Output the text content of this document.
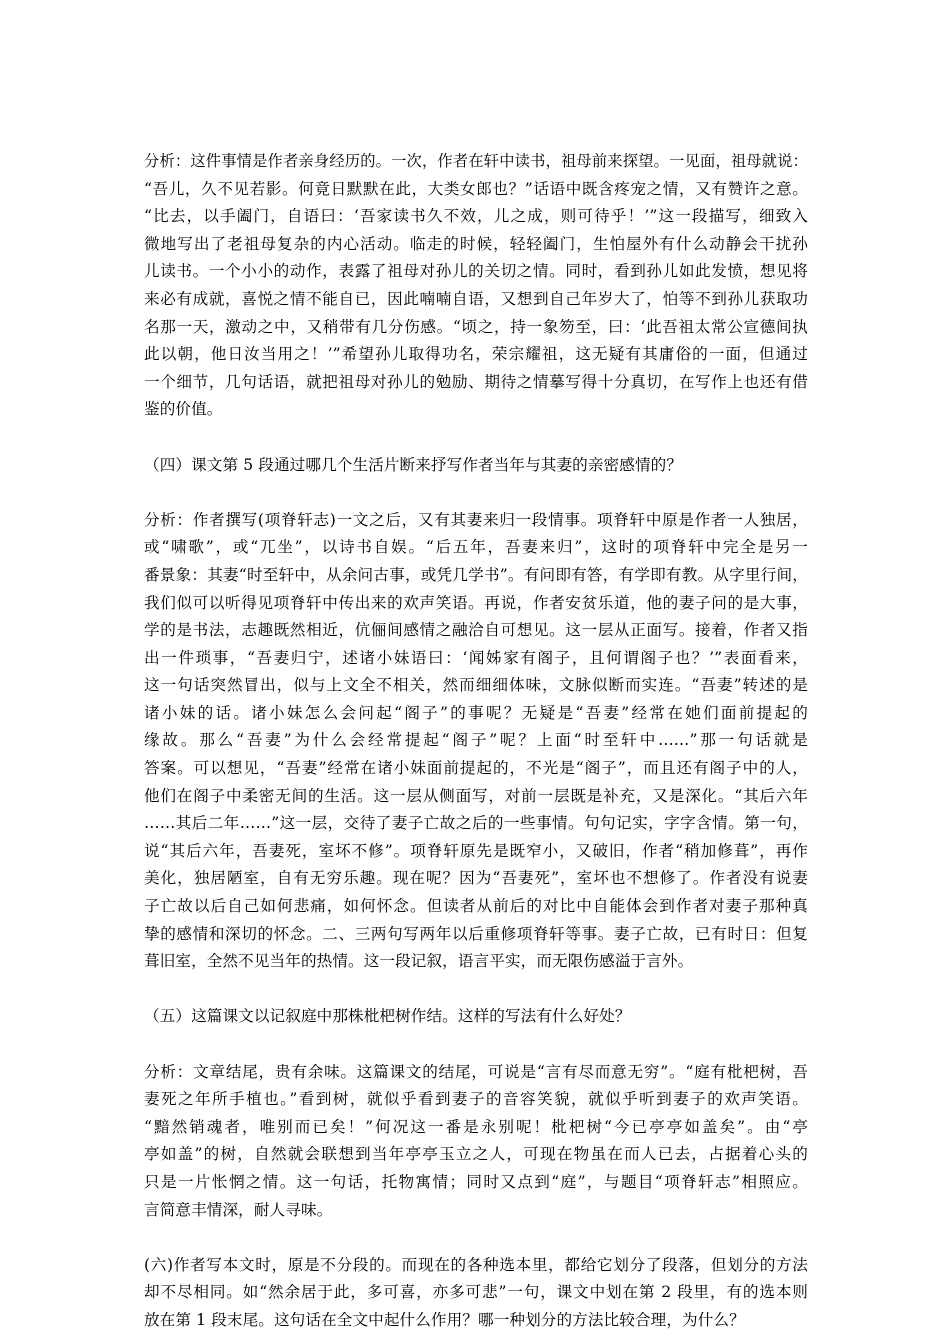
分析：这件事情是作者亲身经历的。一次，作者在轩中读书，祖母前来探望。一见面，祖母就说：
“吾儿，久不见若影。何竟日默默在此，大类女郎也？”话语中既含疼宠之情，又有赞许之意。
“比去，以手阖门，自语曰：‘吾家读书久不效，儿之成，则可待乎！’”这一段描写，细致入
微地写出了老祖母复杂的内心活动。临走的时候，轻轻阖门，生怕屋外有什么动静会干扰孙
儿读书。一个小小的动作，表露了祖母对孙儿的关切之情。同时，看到孙儿如此发愤，想见将
来必有成就，喜悦之情不能自已，因此喃喃自语，又想到自己年岁大了，怕等不到孙儿获取功
名那一天，激动之中，又稍带有几分伤感。“顷之，持一象笏至，曰：‘此吾祖太常公宣德间执
此以朝，他日汝当用之！’”希望孙儿取得功名，荣宗耀祖，这无疑有其庸俗的一面，但通过
一个细节，几句话语，就把祖母对孙儿的勉励、期待之情摹写得十分真切，在写作上也还有借
鉴的价值。
（四）课文第 5 段通过哪几个生活片断来抒写作者当年与其妻的亲密感情的？
分析：作者撰写(项脊轩志)一文之后，又有其妻来归一段情事。项脊轩中原是作者一人独居，
或“啸歌”，或“兀坐”，以诗书自娱。“后五年，吾妻来归”，这时的项脊轩中完全是另一
番景象：其妻“时至轩中，从余问古事，或凭几学书”。有问即有答，有学即有教。从字里行间，
我们似可以听得见项脊轩中传出来的欢声笑语。再说，作者安贫乐道，他的妻子问的是大事，
学的是书法，志趣既然相近，伉俪间感情之融洽自可想见。这一层从正面写。接着，作者又指
出一件琐事，“吾妻归宁，述诸小妹语曰：‘闻姊家有阁子，且何谓阁子也？’”表面看来，
这一句话突然冒出，似与上文全不相关，然而细细体味，文脉似断而实连。“吾妻”转述的是
诸小妹的话。诸小妹怎么会问起“阁子”的事呢？无疑是“吾妻”经常在她们面前提起的
缘故。那么“吾妻”为什么会经常提起“阁子”呢？上面“时至轩中……”那一句话就是
答案。可以想见，“吾妻”经常在诸小妹面前提起的，不光是“阁子”，而且还有阁子中的人，
他们在阁子中柔密无间的生活。这一层从侧面写，对前一层既是补充，又是深化。“其后六年
……其后二年……”这一层，交待了妻子亡故之后的一些事情。句句记实，字字含情。第一句，
说“其后六年，吾妻死，室坏不修”。项脊轩原先是既窄小，又破旧，作者“稍加修葺”，再作
美化，独居陋室，自有无穷乐趣。现在呢？因为“吾妻死”，室坏也不想修了。作者没有说妻
子亡故以后自己如何悲痛，如何怀念。但读者从前后的对比中自能体会到作者对妻子那种真
挚的感情和深切的怀念。二、三两句写两年以后重修项脊轩等事。妻子亡故，已有时日：但复
葺旧室，全然不见当年的热情。这一段记叙，语言平实，而无限伤感溢于言外。
（五）这篇课文以记叙庭中那株枇杷树作结。这样的写法有什么好处？
分析：文章结尾，贵有余味。这篇课文的结尾，可说是“言有尽而意无穷”。“庭有枇杷树，吾
妻死之年所手植也。”看到树，就似乎看到妻子的音容笑貌，就似乎听到妻子的欢声笑语。
“黯然销魂者，唯别而已矣！”何况这一番是永别呢！枇杷树“今已亭亭如盖矣”。由“亭
亭如盖”的树，自然就会联想到当年亭亭玉立之人，可现在物虽在而人已去，占据着心头的
只是一片怅惘之情。这一句话，托物寓情；同时又点到“庭”，与题目“项脊轩志”相照应。
言简意丰情深，耐人寻味。
(六)作者写本文时，原是不分段的。而现在的各种选本里，都给它划分了段落，但划分的方法
却不尽相同。如“然余居于此，多可喜，亦多可悲”一句，课文中划在第 2 段里，有的选本则
放在第 1 段末尾。这句话在全文中起什么作用？哪一种划分的方法比较合理，为什么？
